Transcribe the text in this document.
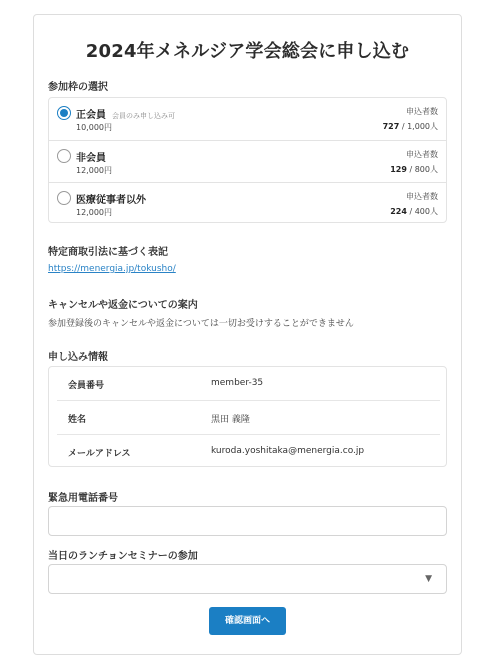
2024年メネルジア学会総会に申し込む
参加枠の選択
正会員 会員のみ申し込み可
10,000円
申込者数
727 / 1,000人
非会員
12,000円
申込者数
129 / 800人
医療従事者以外
12,000円
申込者数
224 / 400人
特定商取引法に基づく表記
https://menergia.jp/tokusho/
キャンセルや返金についての案内
参加登録後のキャンセルや返金については一切お受けすることができません
申し込み情報
会員番号	member-35
姓名	黒田 義隆
メールアドレス	kuroda.yoshitaka@menergia.co.jp
緊急用電話番号
当日のランチョンセミナーの参加
▼
確認画面へ
